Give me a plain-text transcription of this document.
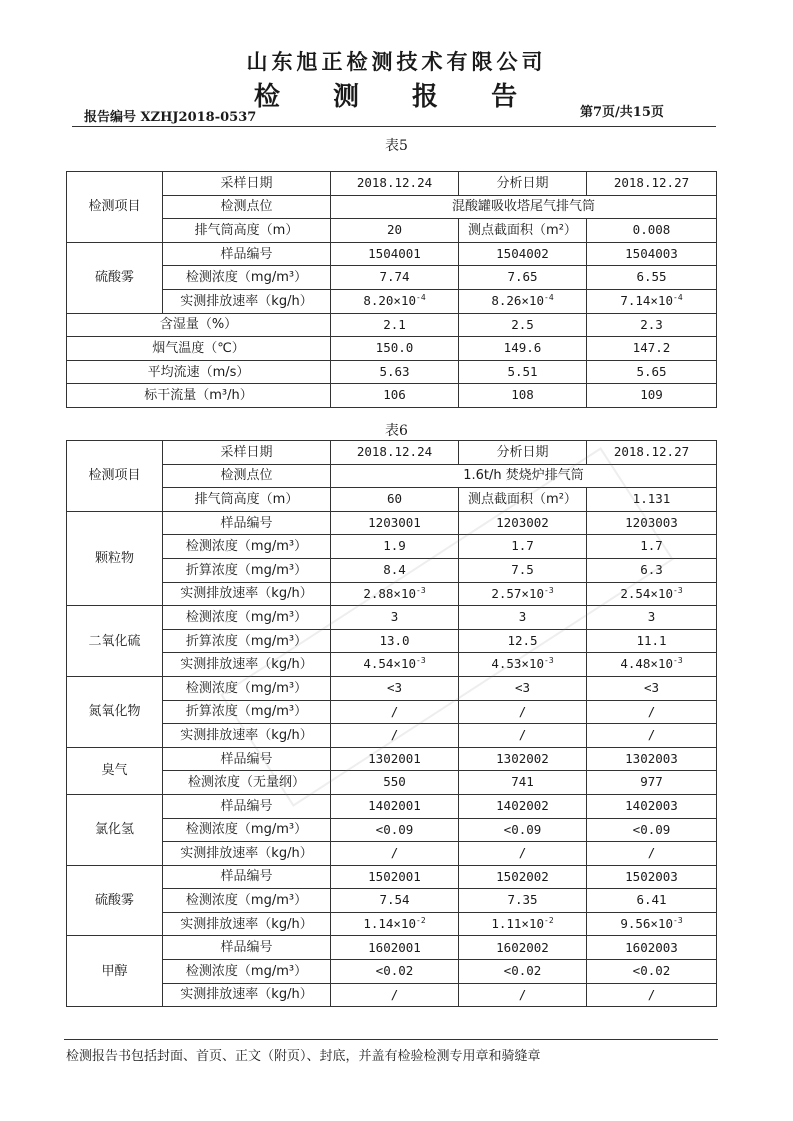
山东旭正检测技术有限公司
检 测 报 告
报告编号 XZHJ2018-0537	第7页/共15页
表5
检测项目	采样日期	2018.12.24	分析日期	2018.12.27
	检测点位	混酸罐吸收塔尾气排气筒		
	排气筒高度（m）	20	测点截面积（m²）	0.008
硫酸雾	样品编号	1504001	1504002	1504003
	检测浓度（mg/m³）	7.74	7.65	6.55
	实测排放速率（kg/h）	$8.20\times 10^{-4}$	$8.26\times 10^{-4}$	$7.14\times 10^{-4}$
含湿量（%）		2.1	2.5	2.3
烟气温度（℃）		150.0	149.6	147.2
平均流速（m/s）		5.63	5.51	5.65
标干流量（m³/h）		106	108	109
表6
检测项目	采样日期	2018.12.24	分析日期	2018.12.27
	检测点位	1.6t/h 焚烧炉排气筒		
	排气筒高度（m）	60	测点截面积（m²）	1.131
颗粒物	样品编号	1203001	1203002	1203003
	检测浓度（mg/m³）	1.9	1.7	1.7
	折算浓度（mg/m³）	8.4	7.5	6.3
	实测排放速率（kg/h）	$2.88\times 10^{-3}$	$2.57\times 10^{-3}$	$2.54\times 10^{-3}$
二氧化硫	检测浓度（mg/m³）	3	3	3
	折算浓度（mg/m³）	13.0	12.5	11.1
	实测排放速率（kg/h）	$4.54\times 10^{-3}$	$4.53\times 10^{-3}$	$4.48\times 10^{-3}$
氮氧化物	检测浓度（mg/m³）	<3	<3	<3
	折算浓度（mg/m³）	/	/	/
	实测排放速率（kg/h）	/	/	/
臭气	样品编号	1302001	1302002	1302003
	检测浓度（无量纲）	550	741	977
氯化氢	样品编号	1402001	1402002	1402003
	检测浓度（mg/m³）	<0.09	<0.09	<0.09
	实测排放速率（kg/h）	/	/	/
硫酸雾	样品编号	1502001	1502002	1502003
	检测浓度（mg/m³）	7.54	7.35	6.41
	实测排放速率（kg/h）	$1.14\times 10^{-2}$	$1.11\times 10^{-2}$	$9.56\times 10^{-3}$
甲醇	样品编号	1602001	1602002	1602003
	检测浓度（mg/m³）	<0.02	<0.02	<0.02
	实测排放速率（kg/h）	/	/	/
检测报告书包括封面、首页、正文（附页）、封底，并盖有检验检测专用章和骑缝章
